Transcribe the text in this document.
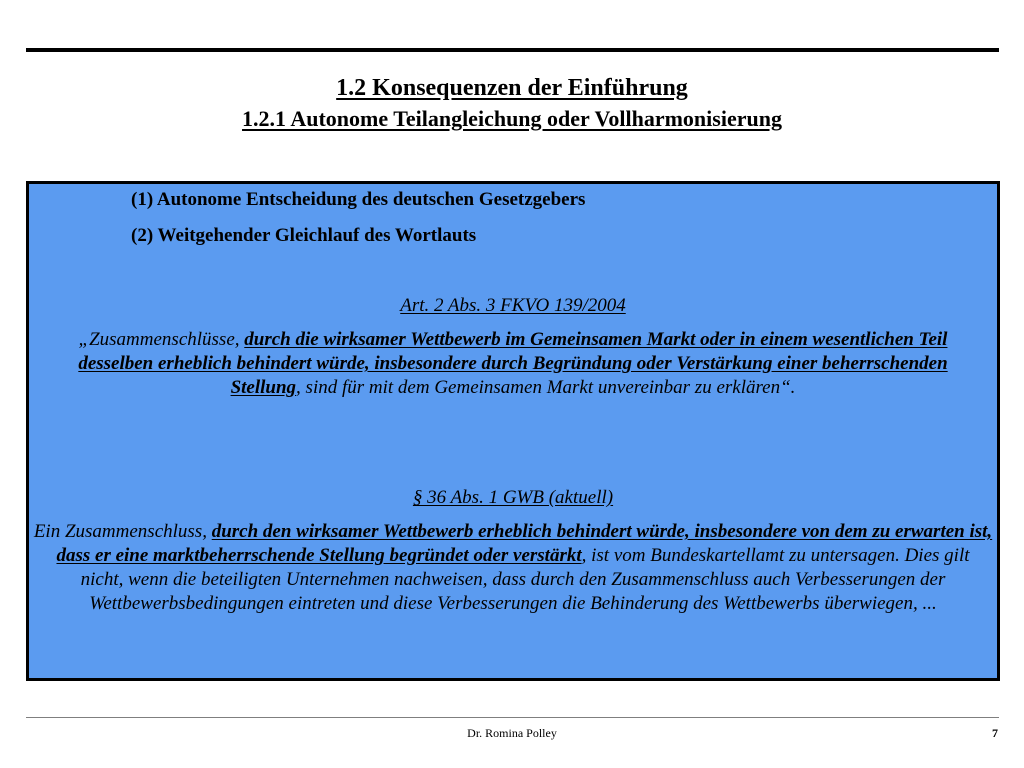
1.2 Konsequenzen der Einführung
1.2.1 Autonome Teilangleichung oder Vollharmonisierung
(1) Autonome Entscheidung des deutschen Gesetzgebers
(2) Weitgehender Gleichlauf des Wortlauts
Art. 2 Abs. 3 FKVO 139/2004

„Zusammenschlüsse, durch die wirksamer Wettbewerb im Gemeinsamen Markt oder in einem wesentlichen Teil desselben erheblich behindert würde, insbesondere durch Begründung oder Verstärkung einer beherrschenden Stellung, sind für mit dem Gemeinsamen Markt unvereinbar zu erklären“.

§ 36 Abs. 1 GWB (aktuell)

Ein Zusammenschluss, durch den wirksamer Wettbewerb erheblich behindert würde, insbesondere von dem zu erwarten ist, dass er eine marktbeherrschende Stellung begründet oder verstärkt, ist vom Bundeskartellamt zu untersagen. Dies gilt nicht, wenn die beteiligten Unternehmen nachweisen, dass durch den Zusammenschluss auch Verbesserungen der Wettbewerbsbedingungen eintreten und diese Verbesserungen die Behinderung des Wettbewerbs überwiegen, ...

Dr. Romina Polley	7
